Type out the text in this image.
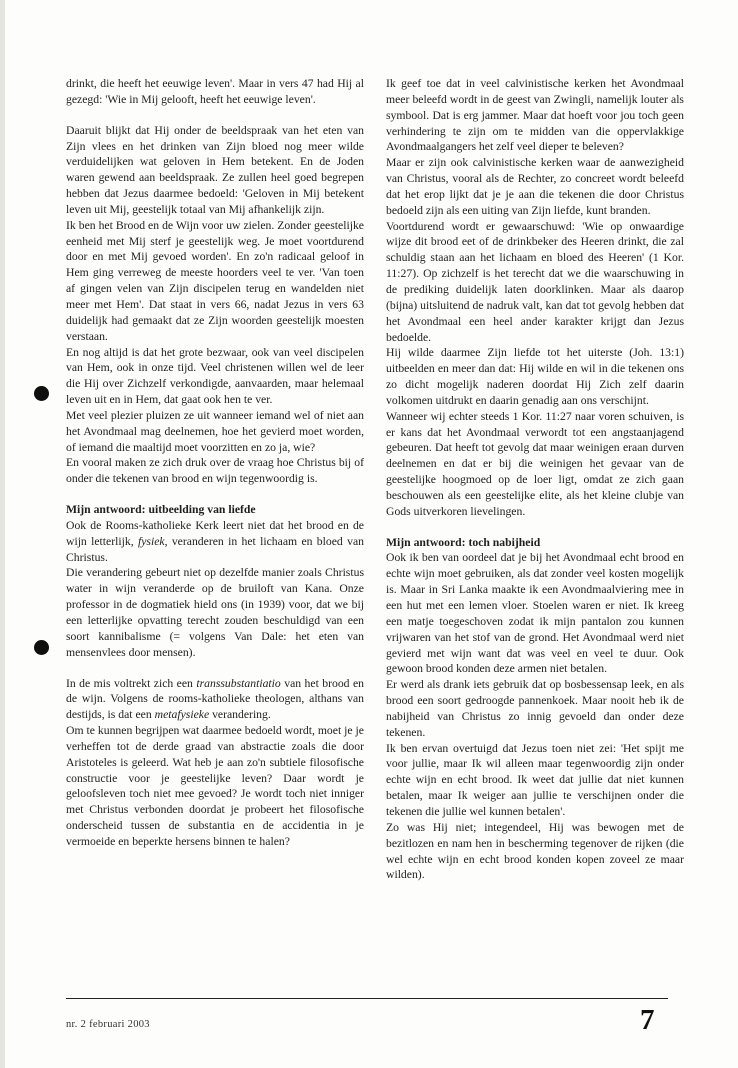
drinkt, die heeft het eeuwige leven'. Maar in vers 47 had Hij al gezegd: 'Wie in Mij gelooft, heeft het eeuwige leven'.

Daaruit blijkt dat Hij onder de beeldspraak van het eten van Zijn vlees en het drinken van Zijn bloed nog meer wilde verduidelijken wat geloven in Hem betekent. En de Joden waren gewend aan beeldspraak. Ze zullen heel goed begrepen hebben dat Jezus daarmee bedoeld: 'Geloven in Mij betekent leven uit Mij, geestelijk totaal van Mij afhankelijk zijn.

Ik ben het Brood en de Wijn voor uw zielen. Zonder geestelijke eenheid met Mij sterf je geestelijk weg. Je moet voortdurend door en met Mij gevoed worden'. En zo'n radicaal geloof in Hem ging verreweg de meeste hoorders veel te ver. 'Van toen af gingen velen van Zijn discipelen terug en wandelden niet meer met Hem'. Dat staat in vers 66, nadat Jezus in vers 63 duidelijk had gemaakt dat ze Zijn woorden geestelijk moesten verstaan.

En nog altijd is dat het grote bezwaar, ook van veel discipelen van Hem, ook in onze tijd. Veel christenen willen wel de leer die Hij over Zichzelf verkondigde, aanvaarden, maar helemaal leven uit en in Hem, dat gaat ook hen te ver.

Met veel plezier pluizen ze uit wanneer iemand wel of niet aan het Avondmaal mag deelnemen, hoe het gevierd moet worden, of iemand die maaltijd moet voorzitten en zo ja, wie?

En vooral maken ze zich druk over de vraag hoe Christus bij of onder die tekenen van brood en wijn tegenwoordig is.

Mijn antwoord: uitbeelding van liefde

Ook de Rooms-katholieke Kerk leert niet dat het brood en de wijn letterlijk, fysiek, veranderen in het lichaam en bloed van Christus.

Die verandering gebeurt niet op dezelfde manier zoals Christus water in wijn veranderde op de bruiloft van Kana. Onze professor in de dogmatiek hield ons (in 1939) voor, dat we bij een letterlijke opvatting terecht zouden beschuldigd van een soort kannibalisme (= volgens Van Dale: het eten van mensenvlees door mensen).

In de mis voltrekt zich een transsubstantiatio van het brood en de wijn. Volgens de rooms-katholieke theologen, althans van destijds, is dat een metafysieke verandering.

Om te kunnen begrijpen wat daarmee bedoeld wordt, moet je je verheffen tot de derde graad van abstractie zoals die door Aristoteles is geleerd. Wat heb je aan zo'n subtiele filosofische constructie voor je geestelijke leven? Daar wordt je geloofsleven toch niet mee gevoed? Je wordt toch niet inniger met Christus verbonden doordat je probeert het filosofische onderscheid tussen de substantia en de accidentia in je vermoeide en beperkte hersens binnen te halen?

Ik geef toe dat in veel calvinistische kerken het Avondmaal meer beleefd wordt in de geest van Zwingli, namelijk louter als symbool. Dat is erg jammer. Maar dat hoeft voor jou toch geen verhindering te zijn om te midden van die oppervlakkige Avondmaalgangers het zelf veel dieper te beleven?

Maar er zijn ook calvinistische kerken waar de aanwezigheid van Christus, vooral als de Rechter, zo concreet wordt beleefd dat het erop lijkt dat je je aan die tekenen die door Christus bedoeld zijn als een uiting van Zijn liefde, kunt branden.

Voortdurend wordt er gewaarschuwd: 'Wie op onwaardige wijze dit brood eet of de drinkbeker des Heeren drinkt, die zal schuldig staan aan het lichaam en bloed des Heeren' (1 Kor. 11:27). Op zichzelf is het terecht dat we die waarschuwing in de prediking duidelijk laten doorklinken. Maar als daarop (bijna) uitsluitend de nadruk valt, kan dat tot gevolg hebben dat het Avondmaal een heel ander karakter krijgt dan Jezus bedoelde.

Hij wilde daarmee Zijn liefde tot het uiterste (Joh. 13:1) uitbeelden en meer dan dat: Hij wilde en wil in die tekenen ons zo dicht mogelijk naderen doordat Hij Zich zelf daarin volkomen uitdrukt en daarin genadig aan ons verschijnt.

Wanneer wij echter steeds 1 Kor. 11:27 naar voren schuiven, is er kans dat het Avondmaal verwordt tot een angstaanjagend gebeuren. Dat heeft tot gevolg dat maar weinigen eraan durven deelnemen en dat er bij die weinigen het gevaar van de geestelijke hoogmoed op de loer ligt, omdat ze zich gaan beschouwen als een geestelijke elite, als het kleine clubje van Gods uitverkoren lievelingen.

Mijn antwoord: toch nabijheid

Ook ik ben van oordeel dat je bij het Avondmaal echt brood en echte wijn moet gebruiken, als dat zonder veel kosten mogelijk is. Maar in Sri Lanka maakte ik een Avondmaalviering mee in een hut met een lemen vloer. Stoelen waren er niet. Ik kreeg een matje toegeschoven zodat ik mijn pantalon zou kunnen vrijwaren van het stof van de grond. Het Avondmaal werd niet gevierd met wijn want dat was veel en veel te duur. Ook gewoon brood konden deze armen niet betalen.

Er werd als drank iets gebruik dat op bosbessensap leek, en als brood een soort gedroogde pannenkoek. Maar nooit heb ik de nabijheid van Christus zo innig gevoeld dan onder deze tekenen.

Ik ben ervan overtuigd dat Jezus toen niet zei: 'Het spijt me voor jullie, maar Ik wil alleen maar tegenwoordig zijn onder echte wijn en echt brood. Ik weet dat jullie dat niet kunnen betalen, maar Ik weiger aan jullie te verschijnen onder die tekenen die jullie wel kunnen betalen'.

Zo was Hij niet; integendeel, Hij was bewogen met de bezitlozen en nam hen in bescherming tegenover de rijken (die wel echte wijn en echt brood konden kopen zoveel ze maar wilden).

nr. 2 februari 2003	7
